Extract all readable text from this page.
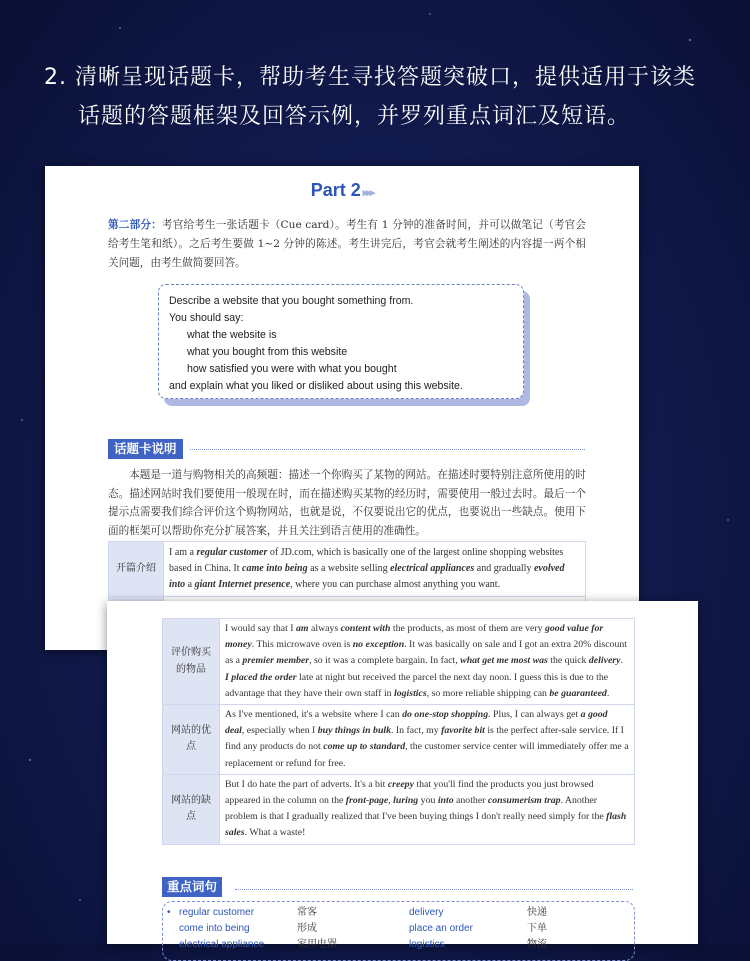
2. 清晰呈现话题卡，帮助考生寻找答题突破口，提供适用于该类
话题的答题框架及回答示例，并罗列重点词汇及短语。
Part 2 ▸▸▸
第二部分：考官给考生一张话题卡（Cue card）。考生有 1 分钟的准备时间，并可以做笔记（考官会给考生笔和纸）。之后考生要做 1~2 分钟的陈述。考生讲完后，考官会就考生阐述的内容提一两个相关问题，由考生做简要回答。
Describe a website that you bought something from.
You should say:
what the website is
what you bought from this website
how satisfied you were with what you bought
and explain what you liked or disliked about using this website.
话题卡说明

本题是一道与购物相关的高频题：描述一个你购买了某物的网站。在描述时要特别注意所使用的时态。描述网站时我们要使用一般现在时，而在描述购买某物的经历时，需要使用一般过去时。最后一个提示点需要我们综合评价这个购物网站，也就是说，不仅要说出它的优点，也要说出一些缺点。使用下面的框架可以帮助你充分扩展答案，并且关注到语言使用的准确性。

开篇介绍	I am a regular customer of JD.com, which is basically one of the largest online shopping websites based in China. It came into being as a website selling electrical appliances and gradually evolved into a giant Internet presence, where you can purchase almost anything you want.

评价购买的物品	I would say that I am always content with the products, as most of them are very good value for money. This microwave oven is no exception. It was basically on sale and I got an extra 20% discount as a premier member, so it was a complete bargain. In fact, what get me most was the quick delivery. I placed the order late at night but received the parcel the next day noon. I guess this is due to the advantage that they have their own staff in logistics, so more reliable shipping can be guaranteed.
网站的优点	As I've mentioned, it's a website where I can do one-stop shopping. Plus, I can always get a good deal, especially when I buy things in bulk. In fact, my favorite bit is the perfect after-sale service. If I find any products do not come up to standard, the customer service center will immediately offer me a replacement or refund for free.
网站的缺点	But I do hate the part of adverts. It's a bit creepy that you'll find the products you just browsed appeared in the column on the front-page, luring you into another consumerism trap. Another problem is that I gradually realized that I've been buying things I don't really need simply for the flash sales. What a waste!
重点词句
• regular customer	常客	delivery	快递
come into being	形成	place an order	下单
electrical appliance	家用电器	logistics	物流
